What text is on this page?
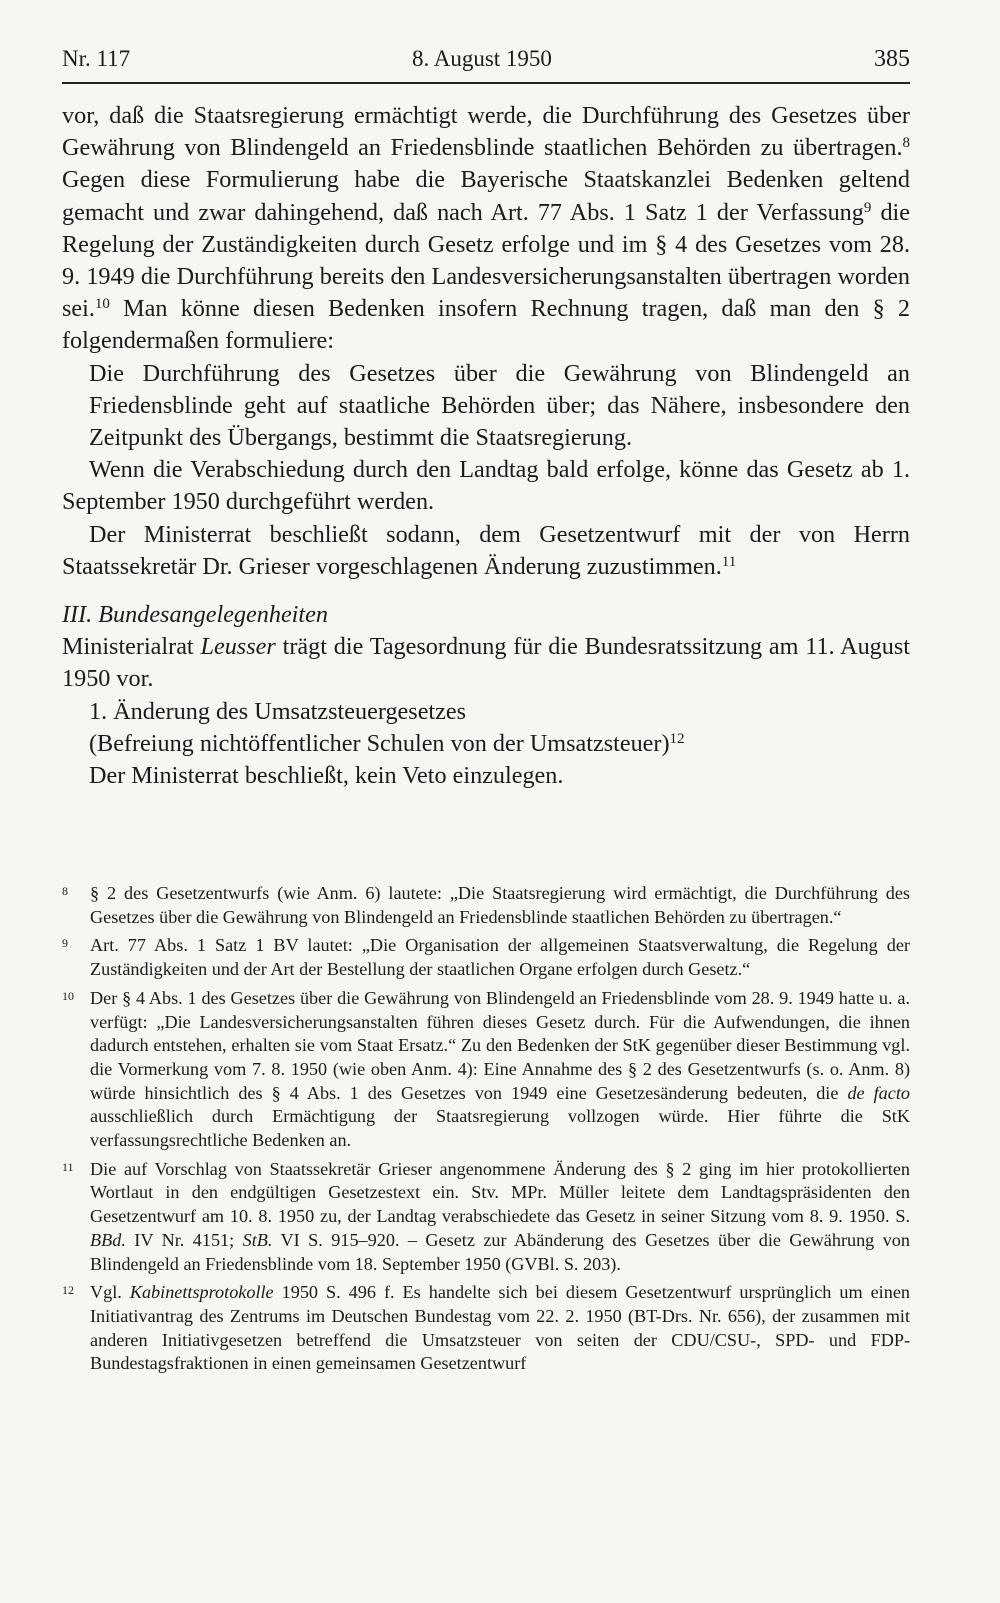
Nr. 117	8. August 1950	385

vor, daß die Staatsregierung ermächtigt werde, die Durchführung des Gesetzes über Gewährung von Blindengeld an Friedensblinde staatlichen Behörden zu übertragen.$^8$ Gegen diese Formulierung habe die Bayerische Staatskanzlei Bedenken geltend gemacht und zwar dahingehend, daß nach Art. 77 Abs. 1 Satz 1 der Verfassung$^9$ die Regelung der Zuständigkeiten durch Gesetz erfolge und im § 4 des Gesetzes vom 28. 9. 1949 die Durchführung bereits den Landesversicherungsanstalten übertragen worden sei.$^{10}$ Man könne diesen Bedenken insofern Rechnung tragen, daß man den § 2 folgendermaßen formuliere:

Die Durchführung des Gesetzes über die Gewährung von Blindengeld an Friedensblinde geht auf staatliche Behörden über; das Nähere, insbesondere den Zeitpunkt des Übergangs, bestimmt die Staatsregierung.

Wenn die Verabschiedung durch den Landtag bald erfolge, könne das Gesetz ab 1. September 1950 durchgeführt werden.

Der Ministerrat beschließt sodann, dem Gesetzentwurf mit der von Herrn Staatssekretär Dr. Grieser vorgeschlagenen Änderung zuzustimmen.$^{11}$

III. Bundesangelegenheiten

Ministerialrat Leusser trägt die Tagesordnung für die Bundesratssitzung am 11. August 1950 vor.

1. Änderung des Umsatzsteuergesetzes

(Befreiung nichtöffentlicher Schulen von der Umsatzsteuer)$^{12}$

Der Ministerrat beschließt, kein Veto einzulegen.

8 § 2 des Gesetzentwurfs (wie Anm. 6) lautete: „Die Staatsregierung wird ermächtigt, die Durchführung des Gesetzes über die Gewährung von Blindengeld an Friedensblinde staatlichen Behörden zu übertragen.“

9 Art. 77 Abs. 1 Satz 1 BV lautet: „Die Organisation der allgemeinen Staatsverwaltung, die Regelung der Zuständigkeiten und der Art der Bestellung der staatlichen Organe erfolgen durch Gesetz.“

10 Der § 4 Abs. 1 des Gesetzes über die Gewährung von Blindengeld an Friedensblinde vom 28. 9. 1949 hatte u. a. verfügt: „Die Landesversicherungsanstalten führen dieses Gesetz durch. Für die Aufwendungen, die ihnen dadurch entstehen, erhalten sie vom Staat Ersatz.“ Zu den Bedenken der StK gegenüber dieser Bestimmung vgl. die Vormerkung vom 7. 8. 1950 (wie oben Anm. 4): Eine Annahme des § 2 des Gesetzentwurfs (s. o. Anm. 8) würde hinsichtlich des § 4 Abs. 1 des Gesetzes von 1949 eine Gesetzesänderung bedeuten, die de facto ausschließlich durch Ermächtigung der Staatsregierung vollzogen würde. Hier führte die StK verfassungsrechtliche Bedenken an.

11 Die auf Vorschlag von Staatssekretär Grieser angenommene Änderung des § 2 ging im hier protokollierten Wortlaut in den endgültigen Gesetzestext ein. Stv. MPr. Müller leitete dem Landtagspräsidenten den Gesetzentwurf am 10. 8. 1950 zu, der Landtag verabschiedete das Gesetz in seiner Sitzung vom 8. 9. 1950. S. BBd. IV Nr. 4151; StB. VI S. 915–920. – Gesetz zur Abänderung des Gesetzes über die Gewährung von Blindengeld an Friedensblinde vom 18. September 1950 (GVBl. S. 203).

12 Vgl. Kabinettsprotokolle 1950 S. 496 f. Es handelte sich bei diesem Gesetzentwurf ursprünglich um einen Initiativantrag des Zentrums im Deutschen Bundestag vom 22. 2. 1950 (BT-Drs. Nr. 656), der zusammen mit anderen Initiativgesetzen betreffend die Umsatzsteuer von seiten der CDU/CSU-, SPD- und FDP-Bundestagsfraktionen in einen gemeinsamen Gesetzentwurf
